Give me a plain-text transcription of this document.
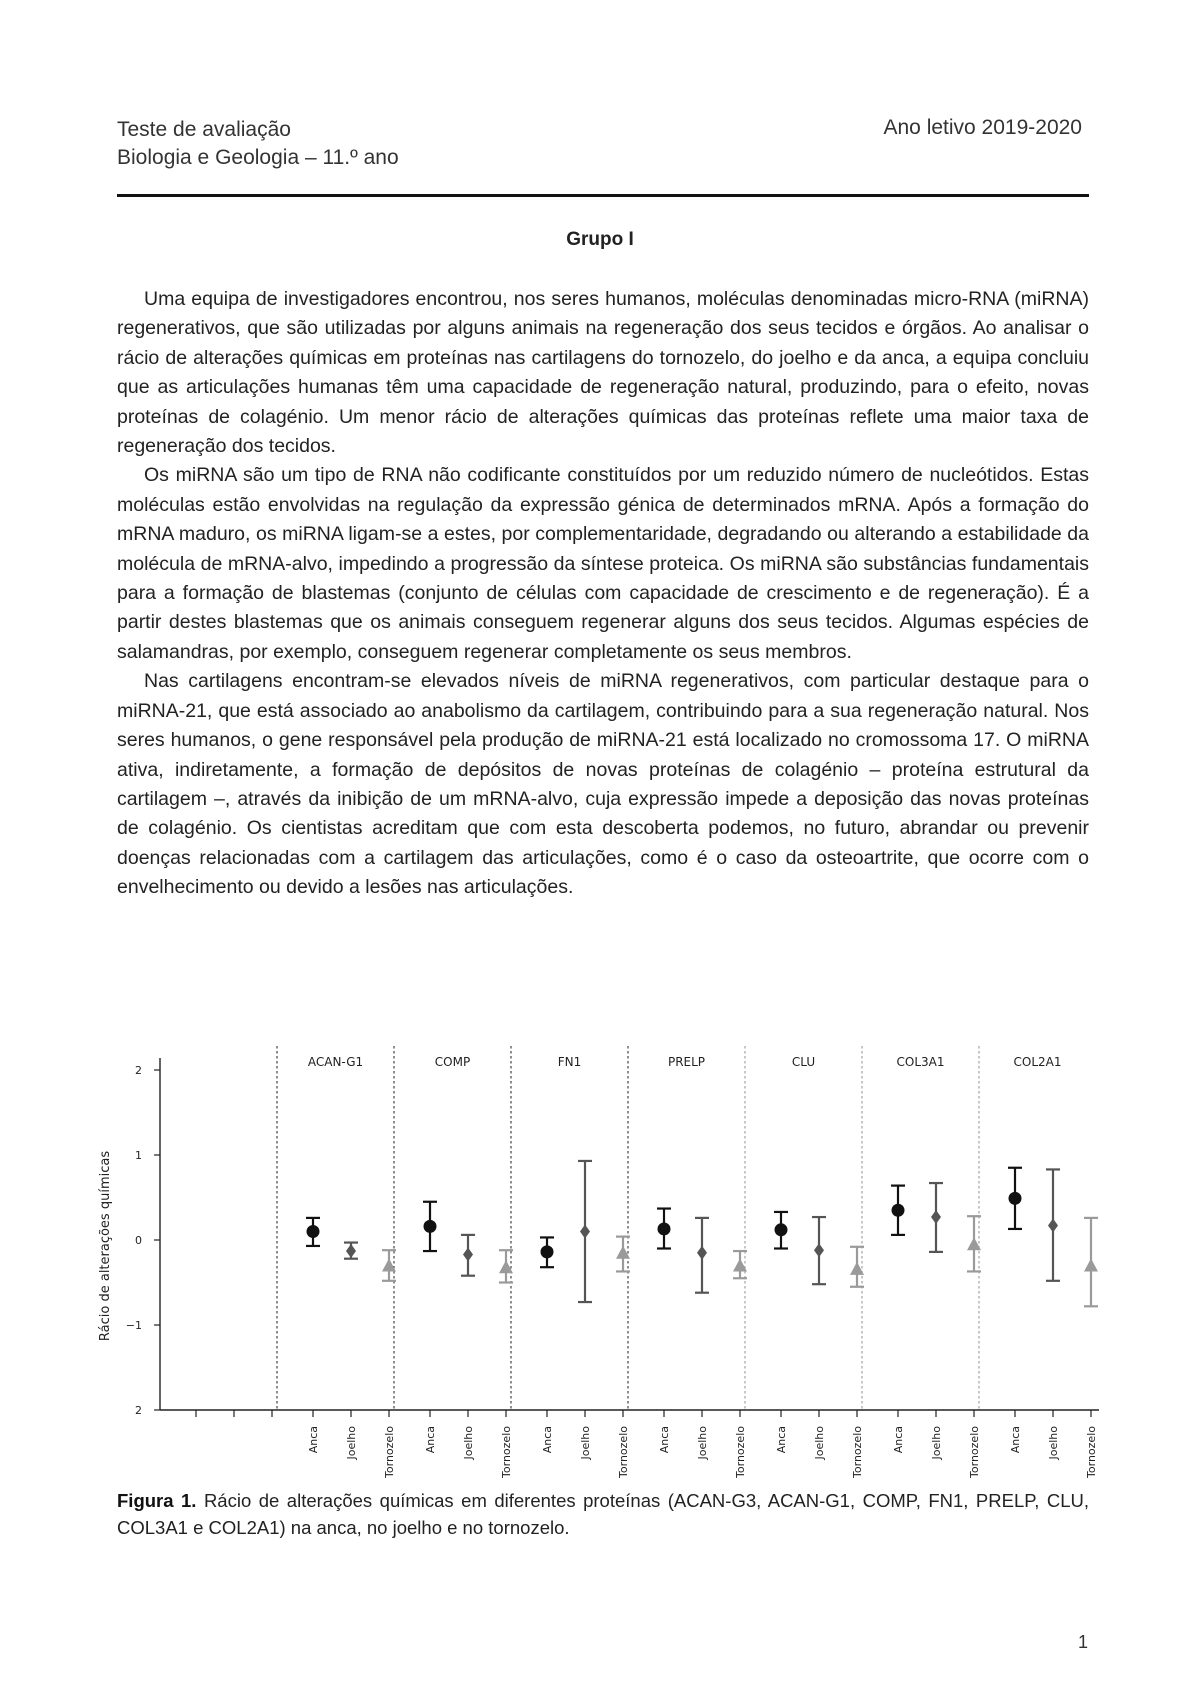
Teste de avaliação
Biologia e Geologia – 11.º ano
Ano letivo 2019-2020
Grupo I

Uma equipa de investigadores encontrou, nos seres humanos, moléculas denominadas micro-RNA (miRNA) regenerativos, que são utilizadas por alguns animais na regeneração dos seus tecidos e órgãos. Ao analisar o rácio de alterações químicas em proteínas nas cartilagens do tornozelo, do joelho e da anca, a equipa concluiu que as articulações humanas têm uma capacidade de regeneração natural, produzindo, para o efeito, novas proteínas de colagénio. Um menor rácio de alterações químicas das proteínas reflete uma maior taxa de regeneração dos tecidos.

Os miRNA são um tipo de RNA não codificante constituídos por um reduzido número de nucleótidos. Estas moléculas estão envolvidas na regulação da expressão génica de determinados mRNA. Após a formação do mRNA maduro, os miRNA ligam-se a estes, por complementaridade, degradando ou alterando a estabilidade da molécula de mRNA-alvo, impedindo a progressão da síntese proteica. Os miRNA são substâncias fundamentais para a formação de blastemas (conjunto de células com capacidade de crescimento e de regeneração). É a partir destes blastemas que os animais conseguem regenerar alguns dos seus tecidos. Algumas espécies de salamandras, por exemplo, conseguem regenerar completamente os seus membros.

Nas cartilagens encontram-se elevados níveis de miRNA regenerativos, com particular destaque para o miRNA-21, que está associado ao anabolismo da cartilagem, contribuindo para a sua regeneração natural. Nos seres humanos, o gene responsável pela produção de miRNA-21 está localizado no cromossoma 17. O miRNA ativa, indiretamente, a formação de depósitos de novas proteínas de colagénio – proteína estrutural da cartilagem –, através da inibição de um mRNA-alvo, cuja expressão impede a deposição das novas proteínas de colagénio. Os cientistas acreditam que com esta descoberta podemos, no futuro, abrandar ou prevenir doenças relacionadas com a cartilagem das articulações, como é o caso da osteoartrite, que ocorre com o envelhecimento ou devido a lesões nas articulações.

2
1
0
−1
2
Rácio de alterações químicas
ACAN-G1
Anca Joelho Tornozelo
COMP
Anca Joelho Tornozelo
FN1
Anca Joelho Tornozelo
PRELP
Anca Joelho Tornozelo
CLU
Anca Joelho Tornozelo
COL3A1
Anca Joelho Tornozelo
COL2A1
Anca Joelho Tornozelo
Figura 1. Rácio de alterações químicas em diferentes proteínas (ACAN-G3, ACAN-G1, COMP, FN1, PRELP, CLU, COL3A1 e COL2A1) na anca, no joelho e no tornozelo.
1
